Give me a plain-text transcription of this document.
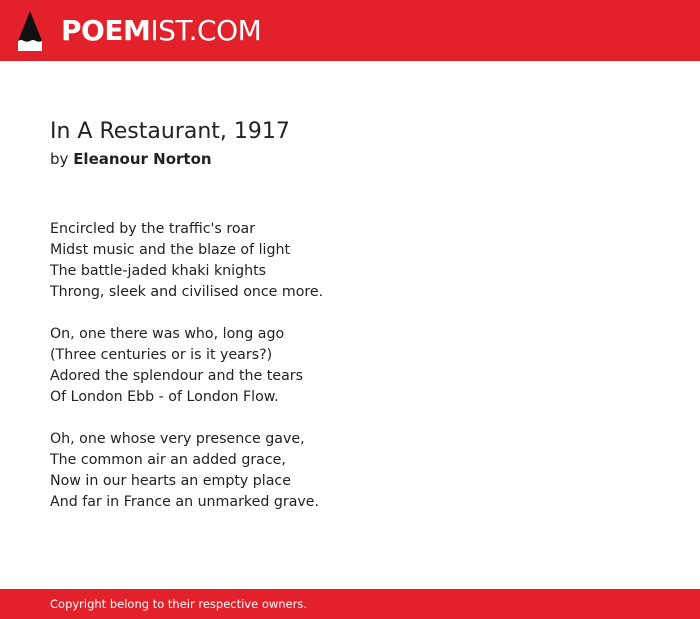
POEMIST.COM
In A Restaurant, 1917
by Eleanour Norton
Encircled by the traffic's roar
Midst music and the blaze of light
The battle-jaded khaki knights
Throng, sleek and civilised once more.
On, one there was who, long ago
(Three centuries or is it years?)
Adored the splendour and the tears
Of London Ebb - of London Flow.
Oh, one whose very presence gave,
The common air an added grace,
Now in our hearts an empty place
And far in France an unmarked grave.
Copyright belong to their respective owners.
